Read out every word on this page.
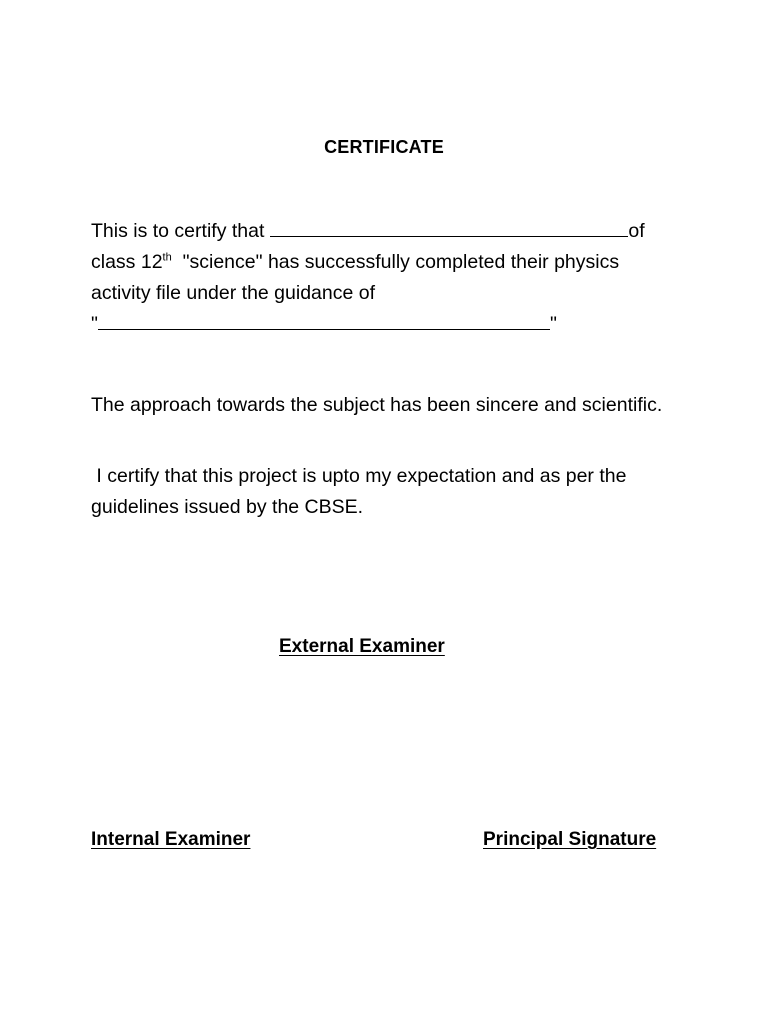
CERTIFICATE
This is to certify that	of
class 12th  "science" has successfully completed their physics
activity file under the guidance of
"	"
The approach towards the subject has been sincere and scientific.
I certify that this project is upto my expectation and as per the guidelines issued by the CBSE.
External Examiner
Internal Examiner	Principal Signature
